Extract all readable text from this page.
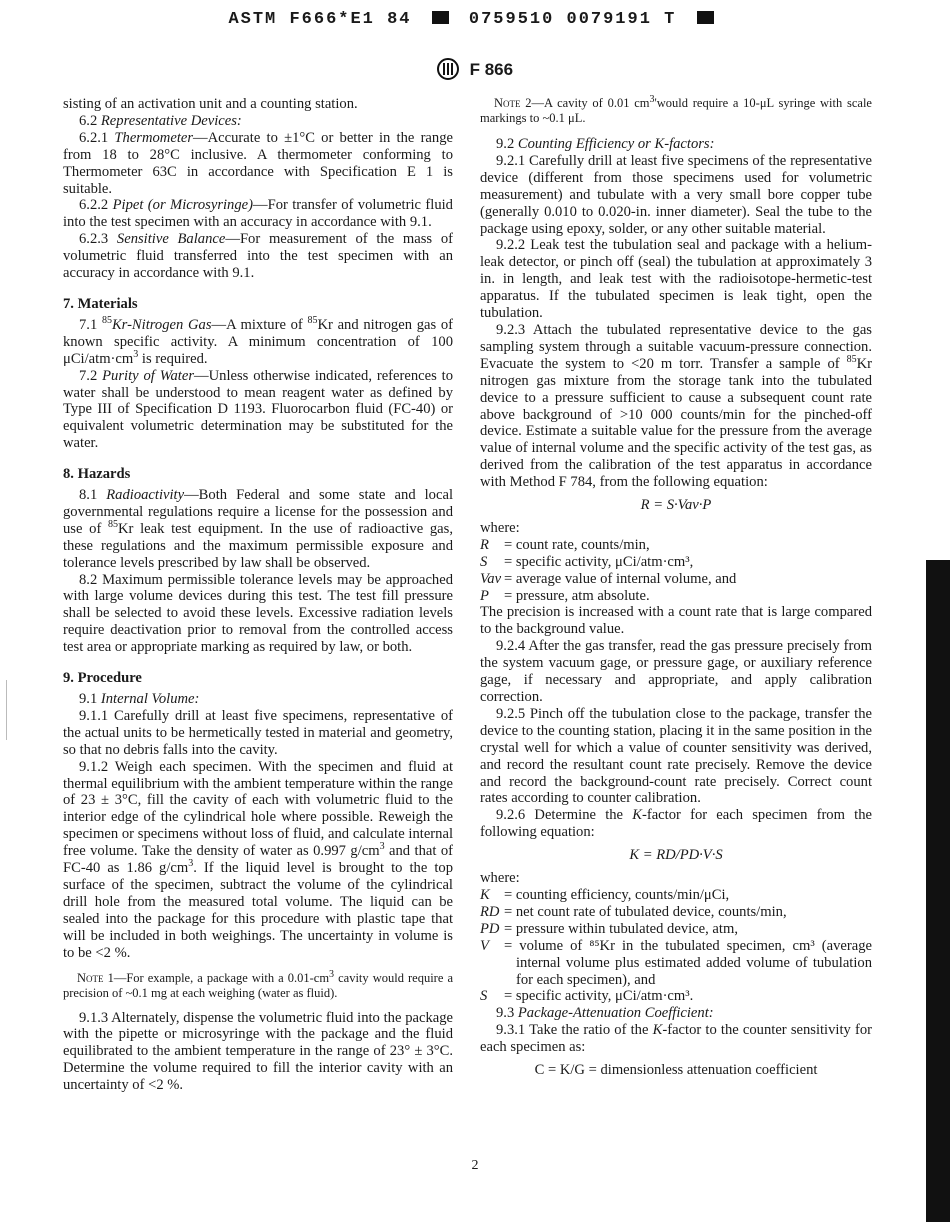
ASTM F666*E1 84	0759510 0079191 T
F 866

sisting of an activation unit and a counting station.

6.2 Representative Devices:

6.2.1 Thermometer—Accurate to ±1°C or better in the range from 18 to 28°C inclusive. A thermometer conforming to Thermometer 63C in accordance with Specification E 1 is suitable.

6.2.2 Pipet (or Microsyringe)—For transfer of volumetric fluid into the test specimen with an accuracy in accordance with 9.1.

6.2.3 Sensitive Balance—For measurement of the mass of volumetric fluid transferred into the test specimen with an accuracy in accordance with 9.1.

7. Materials

7.1 $^{85}$Kr-Nitrogen Gas—A mixture of $^{85}$Kr and nitrogen gas of known specific activity. A minimum concentration of 100 μCi/$atm\cdot cm^3$ is required.

7.2 Purity of Water—Unless otherwise indicated, references to water shall be understood to mean reagent water as defined by Type III of Specification D 1193. Fluorocarbon fluid (FC-40) or equivalent volumetric determination may be substituted for the water.

8. Hazards

8.1 Radioactivity—Both Federal and some state and local governmental regulations require a license for the possession and use of $^{85}$Kr leak test equipment. In the use of radioactive gas, these regulations and the maximum permissible exposure and tolerance levels prescribed by law shall be observed.

8.2 Maximum permissible tolerance levels may be approached with large volume devices during this test. The test fill pressure shall be selected to avoid these levels. Excessive radiation levels require deactivation prior to removal from the controlled access test area or appropriate marking as required by law, or both.

9. Procedure

9.1 Internal Volume:

9.1.1 Carefully drill at least five specimens, representative of the actual units to be hermetically tested in material and geometry, so that no debris falls into the cavity.

9.1.2 Weigh each specimen. With the specimen and fluid at thermal equilibrium with the ambient temperature within the range of 23 ± 3°C, fill the cavity of each with volumetric fluid to the interior edge of the cylindrical hole where possible. Reweigh the specimen or specimens without loss of fluid, and calculate internal free volume. Take the density of water as 0.997 $g/cm^3$ and that of FC-40 as 1.86 $g/cm^3$. If the liquid level is brought to the top surface of the specimen, subtract the volume of the cylindrical drill hole from the measured total volume. The liquid can be sealed into the package for this procedure with plastic tape that will be included in both weighings. The uncertainty in volume is to be <2 %.

Note 1—For example, a package with a $0.01-cm^3$ cavity would require a precision of ~0.1 mg at each weighing (water as fluid).

9.1.3 Alternately, dispense the volumetric fluid into the package with the pipette or microsyringe with the package and the fluid equilibrated to the ambient temperature in the range of 23° ± 3°C. Determine the volume required to fill the interior cavity with an uncertainty of <2 %.

Note 2—A cavity of 0.01 $cm^3'would$ require a 10-μL syringe with scale markings to ~0.1 μL.

9.2 Counting Efficiency or K-factors:

9.2.1 Carefully drill at least five specimens of the representative device (different from those specimens used for volumetric measurement) and tubulate with a very small bore copper tube (generally 0.010 to 0.020-in. inner diameter). Seal the tube to the package using epoxy, solder, or any other suitable material.

9.2.2 Leak test the tubulation seal and package with a helium-leak detector, or pinch off (seal) the tubulation at approximately 3 in. in length, and leak test with the radioisotope-hermetic-test apparatus. If the tubulated specimen is leak tight, open the tubulation.

9.2.3 Attach the tubulated representative device to the gas sampling system through a suitable vacuum-pressure connection. Evacuate the system to <20 m torr. Transfer a sample of $^{85}$Kr nitrogen gas mixture from the storage tank into the tubulated device to a pressure sufficient to cause a subsequent count rate above background of >10 000 counts/min for the pinched-off device. Estimate a suitable value for the pressure from the average value of internal volume and the specific activity of the test gas, as derived from the calibration of the test apparatus in accordance with Method F 784, from the following equation:

R = S·Vav·P

where:

R	= count rate, counts/min,
S	= specific activity, μCi/atm·cm³,
Vav = average value of internal volume, and
P	= pressure, atm absolute.

The precision is increased with a count rate that is large compared to the background value.

9.2.4 After the gas transfer, read the gas pressure precisely from the system vacuum gage, or pressure gage, or auxiliary reference gage, if necessary and appropriate, and apply calibration correction.

9.2.5 Pinch off the tubulation close to the package, transfer the device to the counting station, placing it in the same position in the crystal well for which a value of counter sensitivity was derived, and record the resultant count rate precisely. Remove the device and record the background-count rate precisely. Correct count rates according to counter calibration.

9.2.6 Determine the K-factor for each specimen from the following equation:

K = RD/PD·V·S

where:

K = counting efficiency, counts/min/μCi,
RD = net count rate of tubulated device, counts/min,
PD = pressure within tubulated device, atm,
V	= volume of ⁸⁵Kr in the tubulated specimen, cm³ (average internal volume plus estimated added volume of tubulation for each specimen), and
S	= specific activity, μCi/atm·cm³.

9.3 Package-Attenuation Coefficient:

9.3.1 Take the ratio of the K-factor to the counter sensitivity for each specimen as:

C = K/G = dimensionless attenuation coefficient

2
